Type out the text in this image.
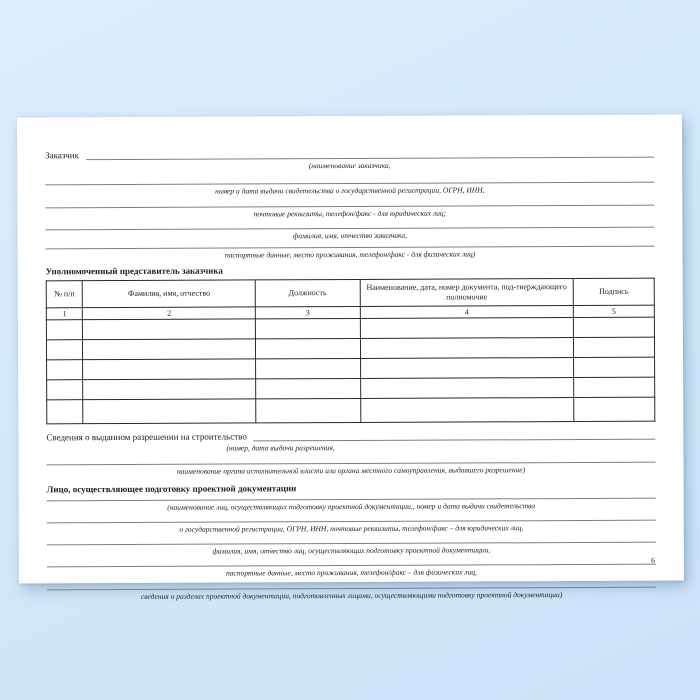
Заказчик
(наименование заказчика,
номер и дата выдачи свидетельства о государственной регистрации, ОГРН, ИНН,
почтовые реквизиты, телефон/факс - для юридических лиц;
фамилия, имя, отчество заказчика,
паспортные данные, место проживания, телефон/факс - для физических лиц)
Уполномоченный представитель заказчика
№ п/п	Фамилия, имя, отчество	Должность	Наименование, дата, номер документа, под-тверждающего полномочие	Подпись
1	2	3	4	5

Сведения о выданном разрешении на строительство
(номер, дата выдачи разрешения,
наименование органа исполнительной власти или органа местного самоуправления, выдавшего разрешение)
Лицо, осуществляющее подготовку проектной документации
(наименование лиц, осуществляющих подготовку проектной документации,, номер и дата выдачи свидетельства
о государственной регистрации, ОГРН, ИНН, почтовые реквизиты, телефон/факс – для юридических лиц,
фамилия, имя, отчество лиц, осуществляющих подготовку проектной документации,
паспортные данные, место проживания, телефон/факс – для физических лиц,
сведения о разделах проектной документации, подготовленных лицами, осуществляющими подготовку проектной документации)
6
